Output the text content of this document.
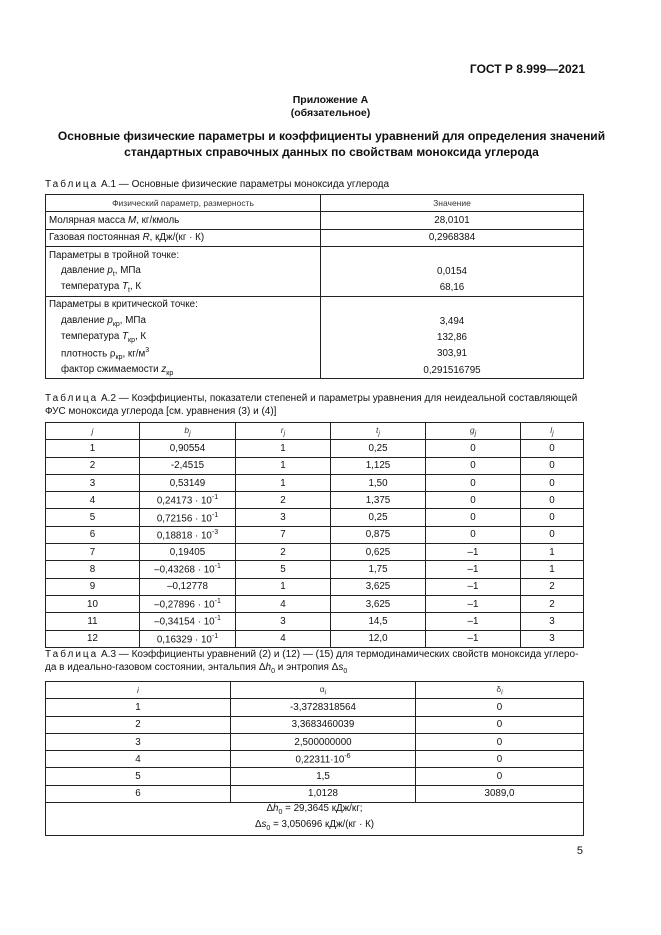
ГОСТ Р 8.999—2021
Приложение А
(обязательное)
Основные физические параметры и коэффициенты уравнений для определения значений
стандартных справочных данных по свойствам моноксида углерода
Таблица А.1 — Основные физические параметры моноксида углерода
Физический параметр, размерность	Значение
Молярная масса M, кг/кмоль	28,0101
Газовая постоянная R, кДж/(кг · К)	0,2968384
Параметры в тройной точке:	
давление $p_t$, МПа	0,0154
температура $T_t$, К	68,16
Параметры в критической точке:	
давление $p_{кр}$, МПа	3,494
температура $T_{кр}$, К	132,86
плотность $\rho_{кр}$, $кг/м^3$	303,91
фактор сжимаемости $z_{кр}$	0,291516795
Таблица А.2 — Коэффициенты, показатели степеней и параметры уравнения для неидеальной составляющей
ФУС моноксида углерода [см. уравнения (3) и (4)]
j	$b_j$	$r_j$	$t_j$	$g_j$	$l_j$
1	0,90554	1	0,25	0	0
2	-2,4515	1	1,125	0	0
3	0,53149	1	1,50	0	0
4	$0,24173 \cdot 10^{-1}$	2	1,375	0	0
5	$0,72156 \cdot 10^{-1}$	3	0,25	0	0
6	$0,18818 \cdot 10^{-3}$	7	0,875	0	0
7	0,19405	2	0,625	–1	1
8	$-0,43268 \cdot 10^{-1}$	5	1,75	–1	1
9	–0,12778	1	3,625	–1	2
10	$-0,27896 \cdot 10^{-1}$	4	3,625	–1	2
11	$-0,34154 \cdot 10^{-1}$	3	14,5	–1	3
12	$0,16329 \cdot 10^{-1}$	4	12,0	–1	3
Таблица А.3 — Коэффициенты уравнений (2) и (12) — (15) для термодинамических свойств моноксида углеро-
да в идеально-газовом состоянии, энтальпия $\Delta h_0$ и энтропия $\Delta s_0$
i	$\alpha_i$	$\delta_i$
1	-3,3728318564	0
2	3,3683460039	0
3	2,500000000	0
4	$0,22311\cdot 10^{-6}$	0
5	1,5	0
6	1,0128	3089,0

$\Delta h_0 = 29,3645$ кДж/кг;
$\Delta s_0 = 3,050696$ кДж/(кг · К)		
5
